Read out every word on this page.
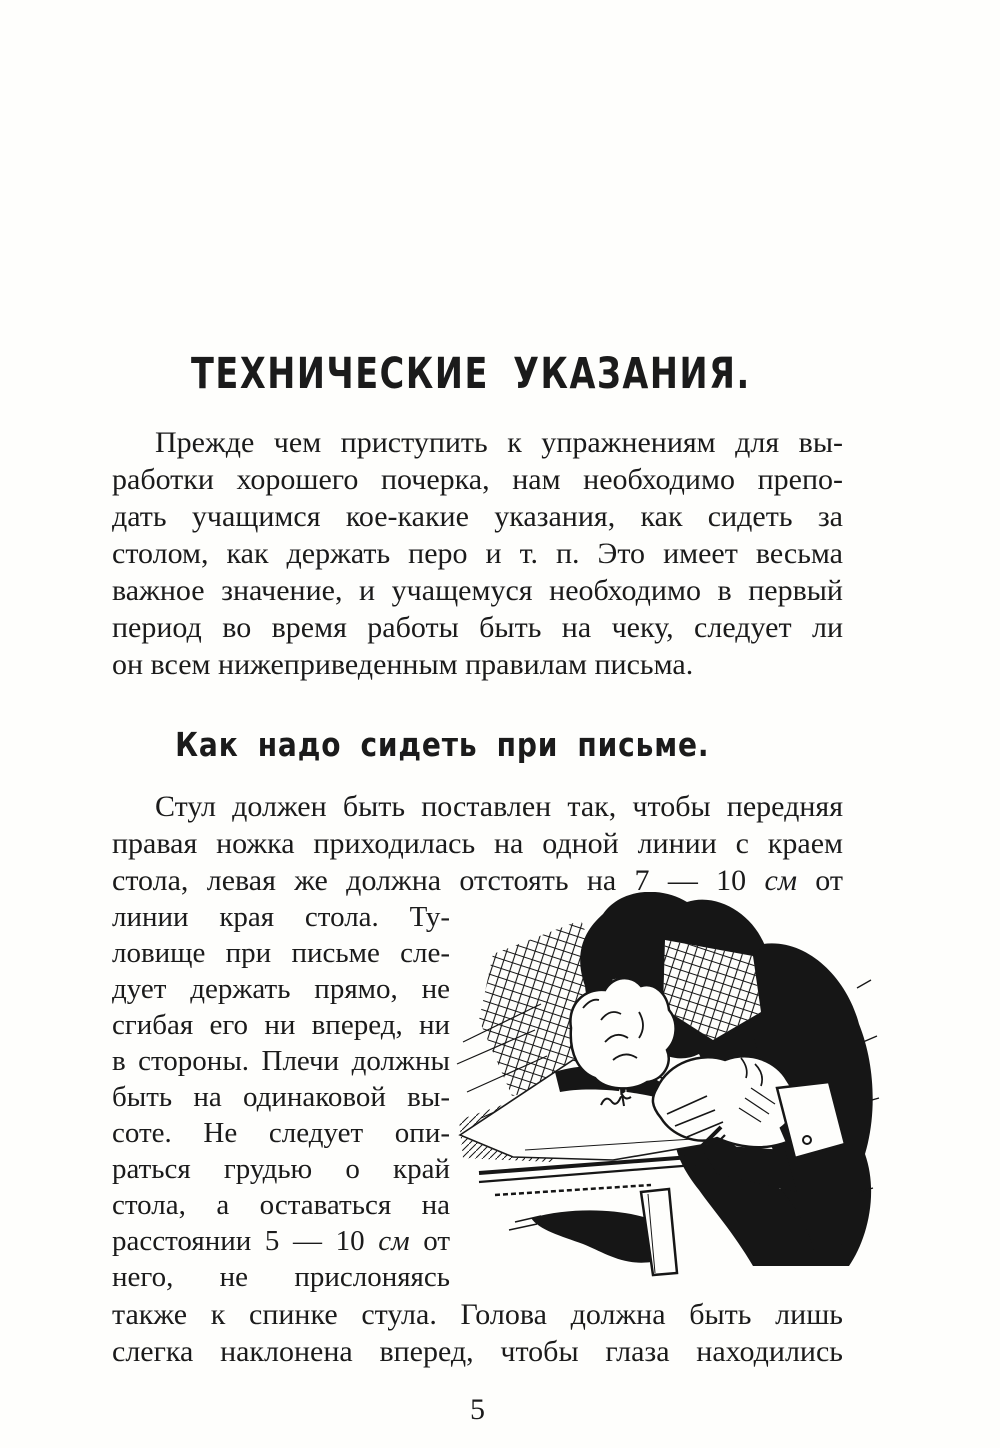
ТЕХНИЧЕСКИЕ УКАЗАНИЯ.
Прежде чем приступить к упражнениям для вы-
работки хорошего почерка, нам необходимо препо-
дать учащимся кое-какие указания, как сидеть за
столом, как держать перо и т. п. Это имеет весьма
важное значение, и учащемуся необходимо в первый
период во время работы быть на чеку, следует ли
он всем нижеприведенным правилам письма.
Как надо сидеть при письме.
Стул должен быть поставлен так, чтобы передняя
правая ножка приходилась на одной линии с краем
стола, левая же должна отстоять на 7 — 10 см от
линии края стола. Ту-
ловище при письме сле-
дует держать прямо, не
сгибая его ни вперед, ни
в стороны. Плечи должны
быть на одинаковой вы-
соте. Не следует опи-
раться грудью о край
стола, а оставаться на
расстоянии 5 — 10 см от
него, не прислоняясь
также к спинке стула. Голова должна быть лишь
слегка наклонена вперед, чтобы глаза находились
5
